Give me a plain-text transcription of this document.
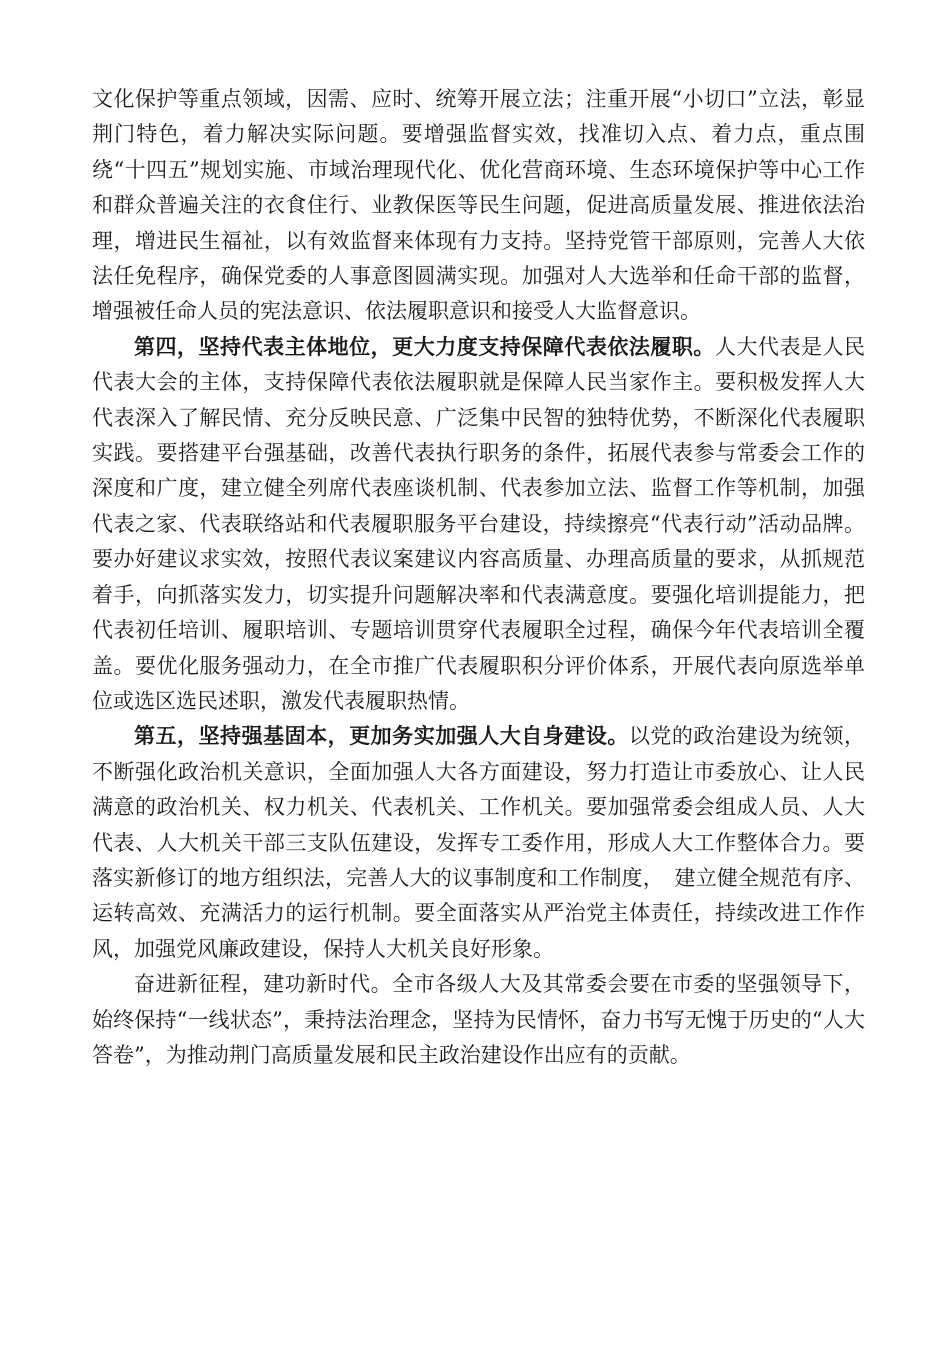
文化保护等重点领域，因需、应时、统筹开展立法；注重开展“小切口”立法，彰显荆门特色，着力解决实际问题。要增强监督实效，找准切入点、着力点，重点围绕“十四五”规划实施、市域治理现代化、优化营商环境、生态环境保护等中心工作和群众普遍关注的衣食住行、业教保医等民生问题，促进高质量发展、推进依法治理，增进民生福祉，以有效监督来体现有力支持。坚持党管干部原则，完善人大依法任免程序，确保党委的人事意图圆满实现。加强对人大选举和任命干部的监督，增强被任命人员的宪法意识、依法履职意识和接受人大监督意识。

第四，坚持代表主体地位，更大力度支持保障代表依法履职。人大代表是人民代表大会的主体，支持保障代表依法履职就是保障人民当家作主。要积极发挥人大代表深入了解民情、充分反映民意、广泛集中民智的独特优势，不断深化代表履职实践。要搭建平台强基础，改善代表执行职务的条件，拓展代表参与常委会工作的深度和广度，建立健全列席代表座谈机制、代表参加立法、监督工作等机制，加强代表之家、代表联络站和代表履职服务平台建设，持续擦亮“代表行动”活动品牌。要办好建议求实效，按照代表议案建议内容高质量、办理高质量的要求，从抓规范着手，向抓落实发力，切实提升问题解决率和代表满意度。要强化培训提能力，把代表初任培训、履职培训、专题培训贯穿代表履职全过程，确保今年代表培训全覆盖。要优化服务强动力，在全市推广代表履职积分评价体系，开展代表向原选举单位或选区选民述职，激发代表履职热情。

第五，坚持强基固本，更加务实加强人大自身建设。以党的政治建设为统领，不断强化政治机关意识，全面加强人大各方面建设，努力打造让市委放心、让人民满意的政治机关、权力机关、代表机关、工作机关。要加强常委会组成人员、人大代表、人大机关干部三支队伍建设，发挥专工委作用，形成人大工作整体合力。要落实新修订的地方组织法，完善人大的议事制度和工作制度，　建立健全规范有序、运转高效、充满活力的运行机制。要全面落实从严治党主体责任，持续改进工作作风，加强党风廉政建设，保持人大机关良好形象。

奋进新征程，建功新时代。全市各级人大及其常委会要在市委的坚强领导下，始终保持“一线状态”，秉持法治理念，坚持为民情怀，奋力书写无愧于历史的“人大答卷”，为推动荆门高质量发展和民主政治建设作出应有的贡献。
